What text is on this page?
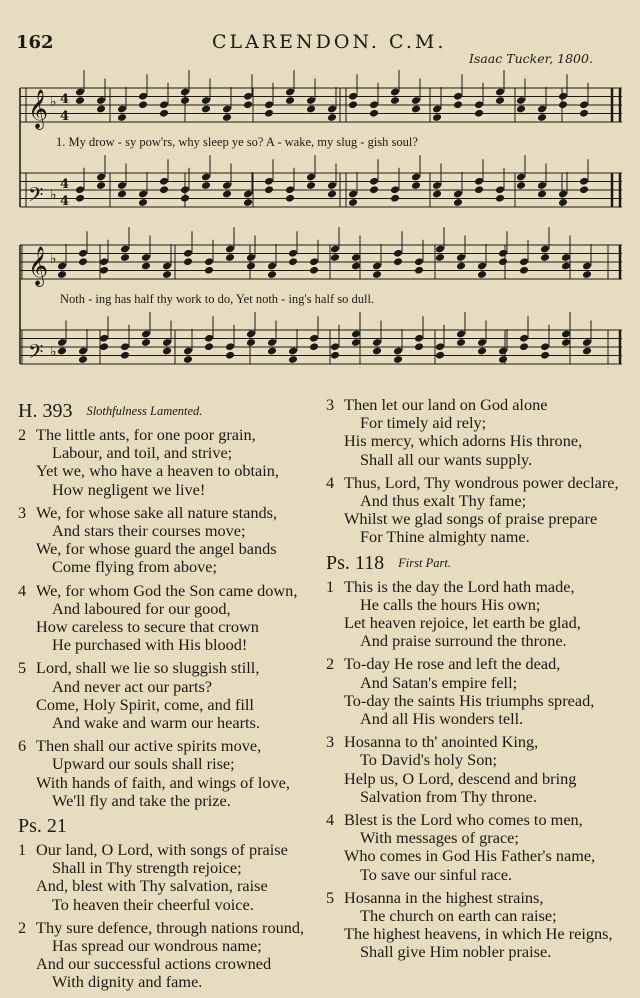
162	CLARENDON. C.M.
Isaac Tucker, 1800.
𝄞 ♭
𝄢 ♭
4
4
4
4
𝄞 ♭
𝄢 ♭
1. My drow - sy pow'rs, why sleep ye so? A - wake, my slug - gish soul?
Noth - ing has half thy work to do, Yet noth - ing's half so dull.
H. 393 Slothfulness Lamented.
2 The little ants, for one poor grain,
Labour, and toil, and strive;
Yet we, who have a heaven to obtain,
How negligent we live!
3 We, for whose sake all nature stands,
And stars their courses move;
We, for whose guard the angel bands
Come flying from above;
4 We, for whom God the Son came down,
And laboured for our good,
How careless to secure that crown
He purchased with His blood!
5 Lord, shall we lie so sluggish still,
And never act our parts?
Come, Holy Spirit, come, and fill
And wake and warm our hearts.
6 Then shall our active spirits move,
Upward our souls shall rise;
With hands of faith, and wings of love,
We'll fly and take the prize.
Ps. 21
1 Our land, O Lord, with songs of praise
Shall in Thy strength rejoice;
And, blest with Thy salvation, raise
To heaven their cheerful voice.
2 Thy sure defence, through nations round,
Has spread our wondrous name;
And our successful actions crowned
With dignity and fame.
3 Then let our land on God alone
For timely aid rely;
His mercy, which adorns His throne,
Shall all our wants supply.
4 Thus, Lord, Thy wondrous power declare,
And thus exalt Thy fame;
Whilst we glad songs of praise prepare
For Thine almighty name.
Ps. 118 First Part.
1 This is the day the Lord hath made,
He calls the hours His own;
Let heaven rejoice, let earth be glad,
And praise surround the throne.
2 To-day He rose and left the dead,
And Satan's empire fell;
To-day the saints His triumphs spread,
And all His wonders tell.
3 Hosanna to th' anointed King,
To David's holy Son;
Help us, O Lord, descend and bring
Salvation from Thy throne.
4 Blest is the Lord who comes to men,
With messages of grace;
Who comes in God His Father's name,
To save our sinful race.
5 Hosanna in the highest strains,
The church on earth can raise;
The highest heavens, in which He reigns,
Shall give Him nobler praise.
